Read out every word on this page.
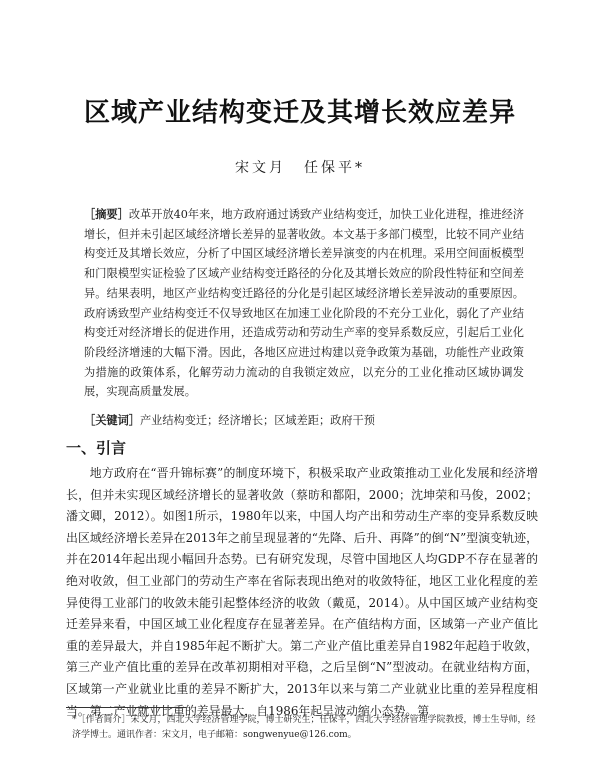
区域产业结构变迁及其增长效应差异
宋文月 任保平*
［摘要］改革开放40年来，地方政府通过诱致产业结构变迁，加快工业化进程，推进经济增长，但并未引起区域经济增长差异的显著收敛。本文基于多部门模型，比较不同产业结构变迁及其增长效应，分析了中国区域经济增长差异演变的内在机理。采用空间面板模型和门限模型实证检验了区域产业结构变迁路径的分化及其增长效应的阶段性特征和空间差异。结果表明，地区产业结构变迁路径的分化是引起区域经济增长差异波动的重要原因。政府诱致型产业结构变迁不仅导致地区在加速工业化阶段的不充分工业化，弱化了产业结构变迁对经济增长的促进作用，还造成劳动和劳动生产率的变异系数反应，引起后工业化阶段经济增速的大幅下滑。因此，各地区应进过构建以竞争政策为基础，功能性产业政策为措施的政策体系，化解劳动力流动的自我锁定效应，以充分的工业化推动区域协调发展，实现高质量发展。
［关键词］产业结构变迁；经济增长；区域差距；政府干预
一、引言

地方政府在“晋升锦标赛”的制度环境下，积极采取产业政策推动工业化发展和经济增长，但并未实现区域经济增长的显著收敛（蔡昉和都阳，2000；沈坤荣和马俊，2002；潘文卿，2012）。如图1所示，1980年以来，中国人均产出和劳动生产率的变异系数反映出区域经济增长差异在2013年之前呈现显著的“先降、后升、再降”的倒“N”型演变轨迹，并在2014年起出现小幅回升态势。已有研究发现，尽管中国地区人均GDP不存在显著的绝对收敛，但工业部门的劳动生产率在省际表现出绝对的收敛特征，地区工业化程度的差异使得工业部门的收敛未能引起整体经济的收敛（戴觅，2014）。从中国区域产业结构变迁差异来看，中国区域工业化程度存在显著差异。在产值结构方面，区域第一产业产值比重的差异最大，并自1985年起不断扩大。第二产业产值比重差异自1982年起趋于收敛，第三产业产值比重的差异在改革初期相对平稳，之后呈倒“N”型波动。在就业结构方面，区域第一产业就业比重的差异不断扩大，2013年以来与第二产业就业比重的差异程度相当。第二产业就业比重的差异最大，自1986年起呈波动缩小态势。第

*［作者简介］宋文月，西北大学经济管理学院，博士研究生；任保平，西北大学经济管理学院教授，博士生导师，经济学博士。通讯作者：宋文月，电子邮箱：songwenyue@126.com。
